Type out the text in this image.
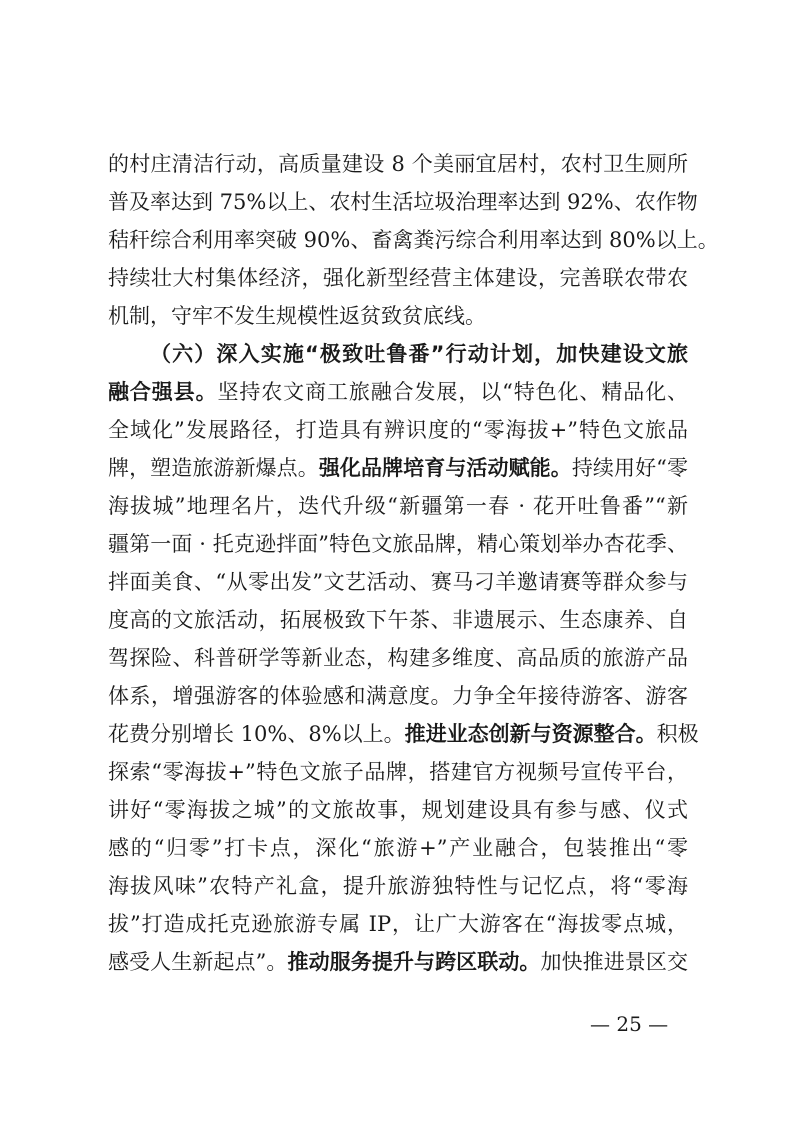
的村庄清洁行动，高质量建设 8 个美丽宜居村，农村卫生厕所
普及率达到 75%以上、农村生活垃圾治理率达到 92%、农作物
秸秆综合利用率突破 90%、畜禽粪污综合利用率达到 80%以上。
持续壮大村集体经济，强化新型经营主体建设，完善联农带农
机制，守牢不发生规模性返贫致贫底线。
（六）深入实施“极致吐鲁番”行动计划，加快建设文旅
融合强县。坚持农文商工旅融合发展，以“特色化、精品化、
全域化”发展路径，打造具有辨识度的“零海拔+”特色文旅品
牌，塑造旅游新爆点。强化品牌培育与活动赋能。持续用好“零
海拔城”地理名片，迭代升级“新疆第一春 · 花开吐鲁番”“新
疆第一面 · 托克逊拌面”特色文旅品牌，精心策划举办杏花季、
拌面美食、“从零出发”文艺活动、赛马刁羊邀请赛等群众参与
度高的文旅活动，拓展极致下午茶、非遗展示、生态康养、自
驾探险、科普研学等新业态，构建多维度、高品质的旅游产品
体系，增强游客的体验感和满意度。力争全年接待游客、游客
花费分别增长 10%、8%以上。推进业态创新与资源整合。积极
探索“零海拔+”特色文旅子品牌，搭建官方视频号宣传平台，
讲好“零海拔之城”的文旅故事，规划建设具有参与感、仪式
感的“归零”打卡点，深化“旅游+”产业融合，包装推出“零
海拔风味”农特产礼盒，提升旅游独特性与记忆点，将“零海
拔”打造成托克逊旅游专属 IP，让广大游客在“海拔零点城，
感受人生新起点”。推动服务提升与跨区联动。加快推进景区交
— 25 —
